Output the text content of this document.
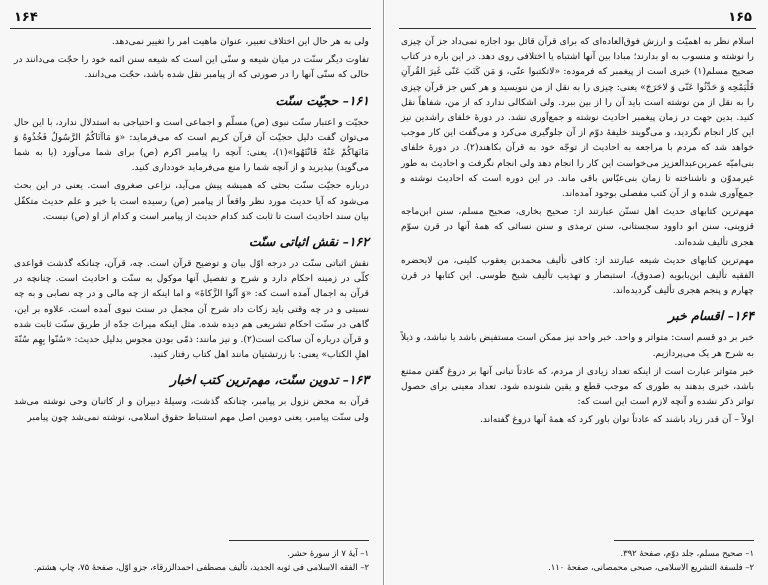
۱۶۴

ولی به هر حال این اختلاف تعبیر، عنوان ماهیت امر را تغییر نمی‌دهد.

تفاوت دیگر سنّت در میان شیعه و سنّی این است که شیعه سنن ائمه خود را حجّت می‌دانند در حالی که سنّی آنها را در صورتی که از پیامبر نقل شده باشد، حجّت می‌دانند.

۱۶۱– حجیّت سنّت

حجیّت و اعتبار سنّت نبوی (ص) مسلّم و اجماعی است و احتیاجی به استدلال ندارد، با این حال می‌توان گفت دلیل حجیّت آن قرآن کریم است که می‌فرماید: «وَ مَاآتَاکُمُ الرَّسُولُ فَخُذُوهُ وَ مَانَهَاکُمْ عَنْهُ فَانْتَهُوا»(۱)، یعنی: آنچه را پیامبر اکرم (ص) برای شما می‌آورد (یا به شما می‌گوید) بپذیرید و از آنچه شما را منع می‌فرماید خودداری کنید.

درباره حجیّت سنّت بحثی که همیشه پیش می‌آید، نزاعی صغروی است. یعنی در این بحث می‌شود که آیا حدیث مورد نظر واقعاً از پیامبر (ص) رسیده است یا خیر و علم حدیث متکفّل بیان سند احادیث است تا ثابت کند کدام حدیث از پیامبر است و کدام از او (ص) نیست.

۱۶۲– نقش اثباتی سنّت

نقش اثباتی سنّت در درجه اوّل بیان و توضیح قرآن است. چه، قرآن، چنانکه گذشت قواعدی کلّی در زمینه احکام دارد و شرح و تفصیل آنها موکول به سنّت و احادیث است. چنانچه در قرآن به اجمال آمده است که: «وَ آتُوا الزَّکاةَ» و اما اینکه از چه مالی و در چه نصابی و به چه نسبتی و در چه وقتی باید زکات داد شرح آن مجمل در سنت نبوی آمده است. علاوه بر این، گاهی در سنّت احکام تشریعی هم دیده شده. مثل اینکه میراث جدّه از طریق سنّت ثابت شده و قرآن درباره آن ساکت است(۲). و نیز مانند: ذمّی بودن مجوس بدلیل حدیث: «سُنّوا بِهِم سُنّةَ اهلِ الکتاب» یعنی: با زرتشتیان مانند اهل کتاب رفتار کنید.

۱۶۳– تدوین سنّت، مهم‌ترین کتب اخبار

قرآن به محض نزول بر پیامبر، چنانکه گذشت، وسیلهٔ دبیران و از کاتبان وحی نوشته می‌شد ولی سنّت پیامبر، یعنی دومین اصل مهم استنباط حقوق اسلامی، نوشته نمی‌شد چون پیامبر

۱– آیهٔ ۷ از سورهٔ حشر.
۲– الفقه الاسلامی فی ثوبه الجدید، تألیف مصطفی احمدالزرقاء، جزو اوّل، صفحهٔ ۷۵، چاپ هشتم.
۱۶۵

اسلام نظر به اهمیّت و ارزش فوق‌العاده‌ای که برای قرآن قائل بود اجازه نمی‌داد جز آن چیزی را نوشته و منسوب به او بدارند؛ مبادا بین آنها اشتباه یا اختلافی روی دهد. در این باره در کتاب صحیح مسلم(۱) خبری است از پیغمبر که فرموده: «لاتکتبوا عنّی، وَ مَن کَتَبَ عَنّی غَیرَ القُرآنِ فَلْیَمْحِه وَ حَدِّثُوا عَنّی وَ لاحَرَجَ» یعنی: چیزی را به نقل از من ننویسید و هر کس جز قرآن چیزی را به نقل از من نوشته است باید آن را از بین ببرد. ولی اشکالی ندارد که از من، شفاهاً نقل کنید. بدین جهت در زمان پیغمبر احادیث نوشته و جمع‌آوری نشد. در دورهٔ خلفای راشدین نیز این کار انجام نگردید، و می‌گویند خلیفهٔ دوّم از آن جلوگیری می‌کرد و می‌گفت این کار موجب خواهد شد که مردم با مراجعه به احادیث از توجّه خود به قرآن بکاهند(۲). در دورهٔ خلفای بنی‌امیّه عمربن‌عبدالعزیز می‌خواست این کار را انجام دهد ولی انجام نگرفت و احادیث به طور غیرمدوّن و ناشناخته تا زمان بنی‌عبّاس باقی ماند. در این دوره است که احادیث نوشته و جمع‌آوری شده و از آن کتب مفصلی بوجود آمده‌اند.

مهم‌ترین کتابهای حدیث اهل تسنّن عبارتند از: صحیح بخاری، صحیح مسلم، سنن ابن‌ماجه قزوینی، سنن ابو داوود سجستانی، سنن ترمذی و سنن نسائی که همهٔ آنها در قرن سوّم هجری تألیف شده‌اند.

مهم‌ترین کتابهای حدیث شیعه عبارتند از: کافی تألیف محمدبن یعقوب کلینی، من لایحضره الفقیه تألیف ابن‌بابویه (صدوق)، استبصار و تهذیب تألیف شیخ طوسی. این کتابها در قرن چهارم و پنجم هجری تألیف گردیده‌اند.

۱۶۴– اقسام خبر

خبر بر دو قسم است: متواتر و واحد. خبر واحد نیز ممکن است مستفیض باشد یا نباشد، و ذیلاً به شرح هر یک می‌پردازیم.

خبر متواتر عبارت است از اینکه تعداد زیادی از مردم، که عادتاً تبانی آنها بر دروغ گفتن ممتنع باشد، خبری بدهند به طوری که موجب قطع و یقین شنونده شود. تعداد معینی برای حصول تواتر ذکر نشده و آنچه لازم است این است که:

اولاً – آن قدر زیاد باشند که عادتاً توان باور کرد که همهٔ آنها دروغ گفته‌اند.

۱– صحیح مسلم، جلد دوّم، صفحهٔ ۳۹۲.
۲– فلسفة التشریع الاسلامی، صبحی محمصانی، صفحهٔ ۱۱۰.
